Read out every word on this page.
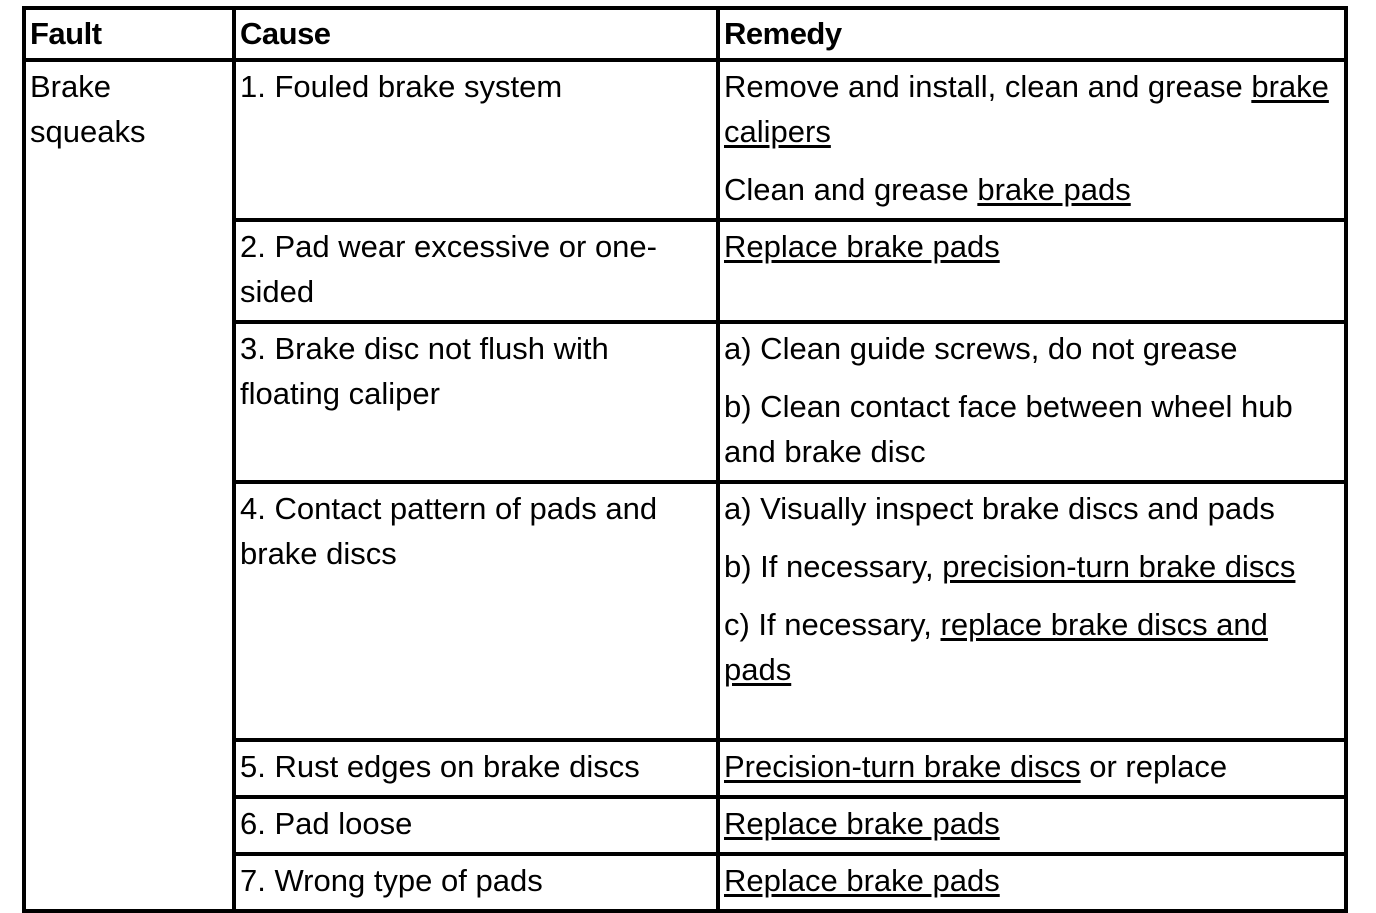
Fault	Cause	Remedy

Brake squeaks	1. Fouled brake system	Remove and install, clean and grease brake calipers
Clean and grease brake pads

	2. Pad wear excessive or one-sided	Replace brake pads

	3. Brake disc not flush with floating caliper	a) Clean guide screws, do not grease
b) Clean contact face between wheel hub and brake disc

	4. Contact pattern of pads and brake discs	a) Visually inspect brake discs and pads
b) If necessary, precision-turn brake discs
c) If necessary, replace brake discs and pads

	5. Rust edges on brake discs	Precision-turn brake discs or replace

	6. Pad loose	Replace brake pads

	7. Wrong type of pads	Replace brake pads
